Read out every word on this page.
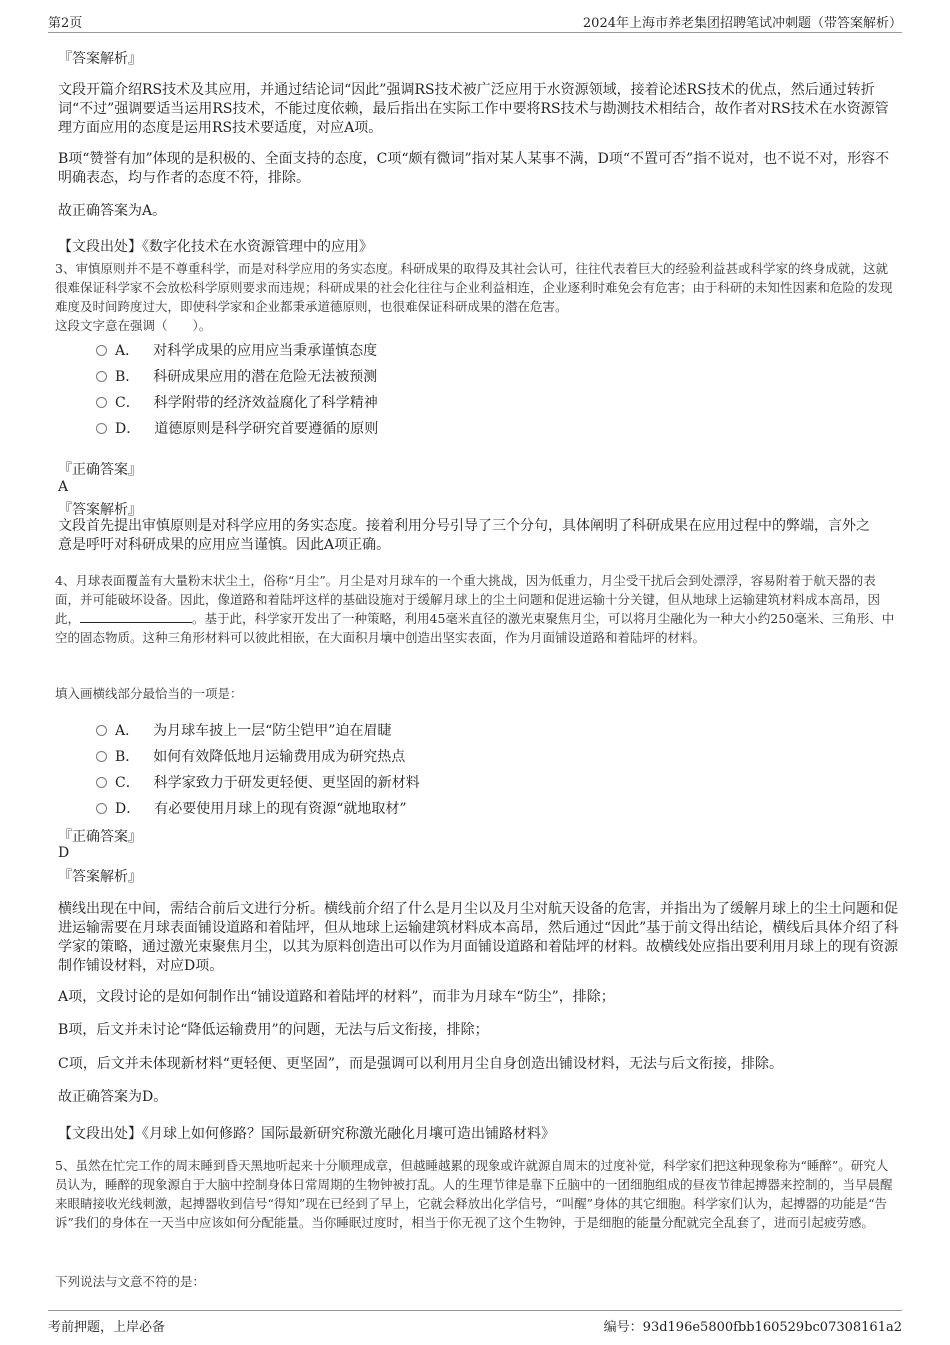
第2页	2024年上海市养老集团招聘笔试冲刺题（带答案解析）
『答案解析』
文段开篇介绍RS技术及其应用，并通过结论词“因此”强调RS技术被广泛应用于水资源领域，接着论述RS技术的优点，然后通过转折词“不过”强调要适当运用RS技术，不能过度依赖，最后指出在实际工作中要将RS技术与勘测技术相结合，故作者对RS技术在水资源管理方面应用的态度是运用RS技术要适度，对应A项。
B项“赞誉有加”体现的是积极的、全面支持的态度，C项“颇有微词”指对某人某事不满，D项“不置可否”指不说对，也不说不对，形容不明确表态，均与作者的态度不符，排除。
故正确答案为A。
【文段出处】《数字化技术在水资源管理中的应用》
3、审慎原则并不是不尊重科学，而是对科学应用的务实态度。科研成果的取得及其社会认可，往往代表着巨大的经验利益甚或科学家的终身成就，这就很难保证科学家不会放松科学原则要求而违规；科研成果的社会化往往与企业利益相连，企业逐利时难免会有危害；由于科研的未知性因素和危险的发现难度及时间跨度过大，即使科学家和企业都秉承道德原则，也很难保证科研成果的潜在危害。
这段文字意在强调（　　）。
A． 对科学成果的应用应当秉承谨慎态度
B． 科研成果应用的潜在危险无法被预测
C． 科学附带的经济效益腐化了科学精神
D． 道德原则是科学研究首要遵循的原则
『正确答案』
A
『答案解析』
文段首先提出审慎原则是对科学应用的务实态度。接着利用分号引导了三个分句，具体阐明了科研成果在应用过程中的弊端，言外之意是呼吁对科研成果的应用应当谨慎。因此A项正确。
4、月球表面覆盖有大量粉末状尘土，俗称“月尘”。月尘是对月球车的一个重大挑战，因为低重力，月尘受干扰后会到处漂浮，容易附着于航天器的表面，并可能破坏设备。因此，像道路和着陆坪这样的基础设施对于缓解月球上的尘土问题和促进运输十分关键，但从地球上运输建筑材料成本高昂，因此，	。基于此，科学家开发出了一种策略，利用45毫米直径的激光束聚焦月尘，可以将月尘融化为一种大小约250毫米、三角形、中空的固态物质。这种三角形材料可以彼此相嵌，在大面积月壤中创造出坚实表面，作为月面铺设道路和着陆坪的材料。
填入画横线部分最恰当的一项是：
A． 为月球车披上一层“防尘铠甲”迫在眉睫
B． 如何有效降低地月运输费用成为研究热点
C． 科学家致力于研发更轻便、更坚固的新材料
D． 有必要使用月球上的现有资源“就地取材”
『正确答案』
D
『答案解析』
横线出现在中间，需结合前后文进行分析。横线前介绍了什么是月尘以及月尘对航天设备的危害，并指出为了缓解月球上的尘土问题和促进运输需要在月球表面铺设道路和着陆坪，但从地球上运输建筑材料成本高昂，然后通过“因此”基于前文得出结论，横线后具体介绍了科学家的策略，通过激光束聚焦月尘，以其为原料创造出可以作为月面铺设道路和着陆坪的材料。故横线处应指出要利用月球上的现有资源制作铺设材料，对应D项。
A项，文段讨论的是如何制作出“铺设道路和着陆坪的材料”，而非为月球车“防尘”，排除；
B项，后文并未讨论“降低运输费用”的问题，无法与后文衔接，排除；
C项，后文并未体现新材料“更轻便、更坚固”，而是强调可以利用月尘自身创造出铺设材料，无法与后文衔接，排除。
故正确答案为D。
【文段出处】《月球上如何修路？国际最新研究称激光融化月壤可造出铺路材料》
5、虽然在忙完工作的周末睡到昏天黑地听起来十分顺理成章，但越睡越累的现象或许就源自周末的过度补觉，科学家们把这种现象称为“睡醉”。研究人员认为，睡醉的现象源自于大脑中控制身体日常周期的生物钟被打乱。人的生理节律是靠下丘脑中的一团细胞组成的昼夜节律起搏器来控制的，当早晨醒来眼睛接收光线刺激，起搏器收到信号“得知”现在已经到了早上，它就会释放出化学信号，“叫醒”身体的其它细胞。科学家们认为，起搏器的功能是“告诉”我们的身体在一天当中应该如何分配能量。当你睡眠过度时，相当于你无视了这个生物钟，于是细胞的能量分配就完全乱套了，进而引起疲劳感。
下列说法与文意不符的是：
考前押题，上岸必备	编号：93d196e5800fbb160529bc07308161a2
